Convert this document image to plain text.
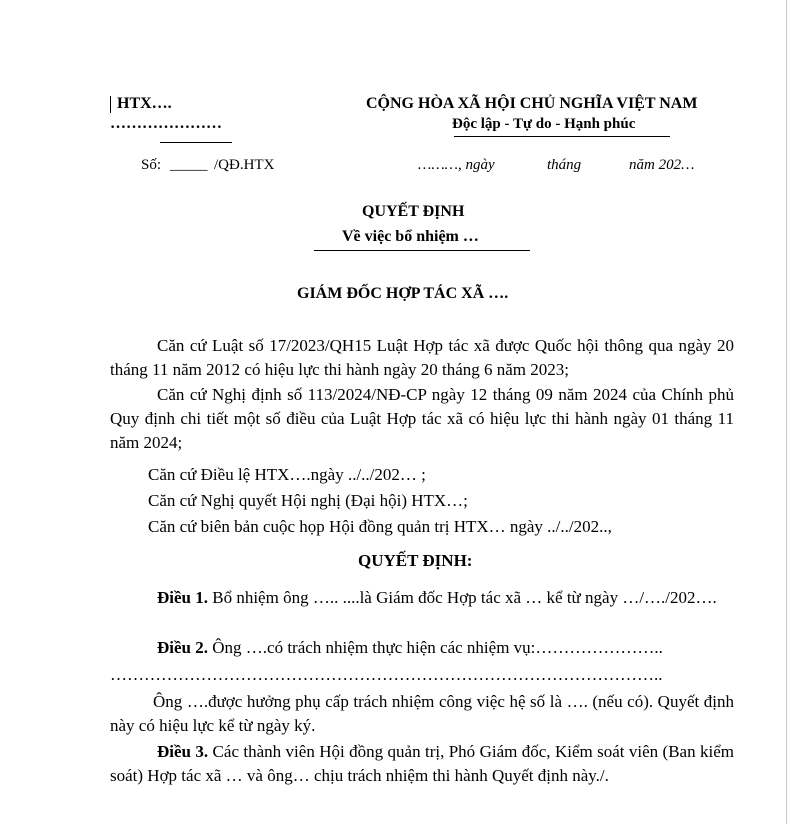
HTX….
…………………
CỘNG HÒA XÃ HỘI CHỦ NGHĨA VIỆT NAM
Độc lập - Tự do - Hạnh phúc
Số: _____ /QĐ.HTX	………, ngày	tháng	năm 202…
QUYẾT ĐỊNH
Về việc bổ nhiệm …
GIÁM ĐỐC HỢP TÁC XÃ ….
Căn cứ Luật số 17/2023/QH15 Luật Hợp tác xã được Quốc hội thông qua ngày 20 tháng 11 năm 2012 có hiệu lực thi hành ngày 20 tháng 6 năm 2023;
Căn cứ Nghị định số 113/2024/NĐ-CP ngày 12 tháng 09 năm 2024 của Chính phủ Quy định chi tiết một số điều của Luật Hợp tác xã có hiệu lực thi hành ngày 01 tháng 11 năm 2024;
Căn cứ Điều lệ HTX….ngày ../../202… ;
Căn cứ Nghị quyết Hội nghị (Đại hội) HTX…;
Căn cứ biên bản cuộc họp Hội đồng quản trị HTX… ngày ../../202..,
QUYẾT ĐỊNH:
Điều 1. Bổ nhiệm ông ….. ....là Giám đốc Hợp tác xã … kể từ ngày …/…./202….
Điều 2. Ông ….có trách nhiệm thực hiện các nhiệm vụ:…………………..
……………………………………………………………………………………..
Ông ….được hưởng phụ cấp trách nhiệm công việc hệ số là …. (nếu có). Quyết định này có hiệu lực kể từ ngày ký.
Điều 3. Các thành viên Hội đồng quản trị, Phó Giám đốc, Kiểm soát viên (Ban kiểm soát) Hợp tác xã … và ông… chịu trách nhiệm thi hành Quyết định này./.
